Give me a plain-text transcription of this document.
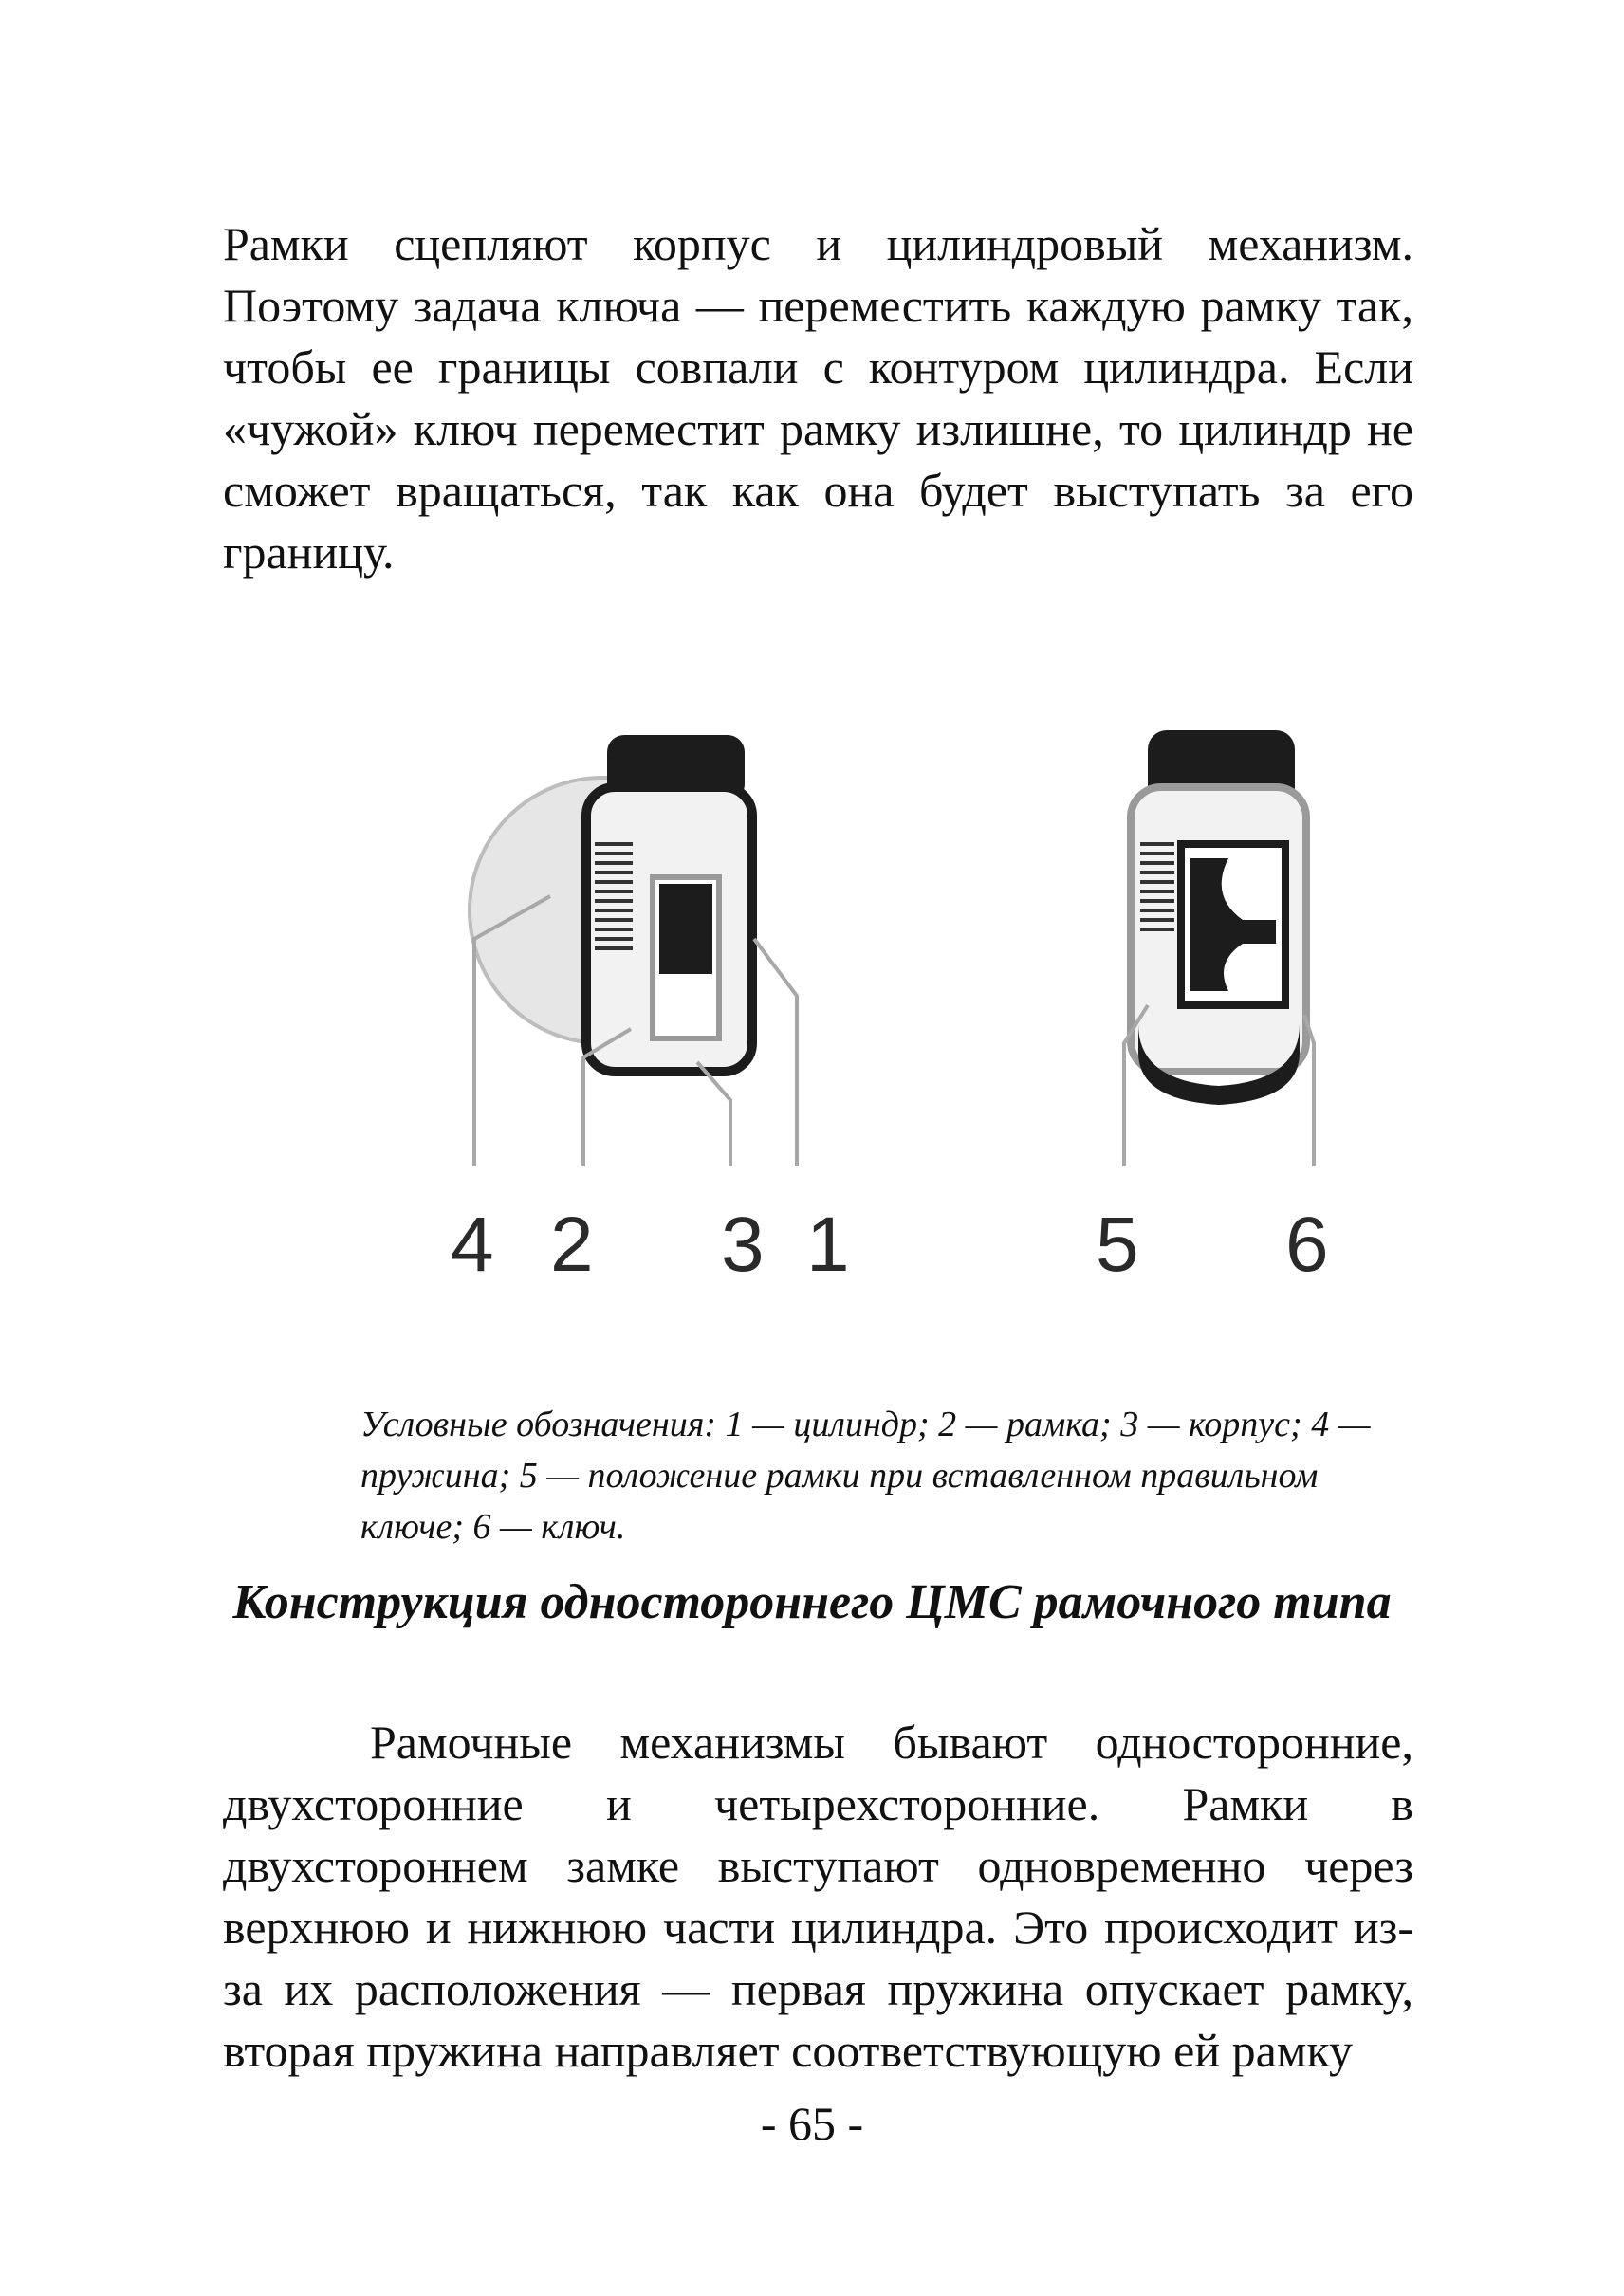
Рамки сцепляют корпус и цилиндровый механизм. Поэтому задача ключа — переместить каждую рамку так, чтобы ее границы совпали с контуром цилиндра. Если «чужой» ключ переместит рамку излишне, то цилиндр не сможет вращаться, так как она будет выступать за его границу.

4 2 3 1	5 6

Условные обозначения: 1 — цилиндр; 2 — рамка; 3 — корпус; 4 — пружина; 5 — положение рамки при вставленном правильном ключе; 6 — ключ.

Конструкция одностороннего ЦМС рамочного типа

Рамочные механизмы бывают односторонние, двухсторонние и четырехсторонние. Рамки в двухстороннем замке выступают одновременно через верхнюю и нижнюю части цилиндра. Это происходит из-за их расположения — первая пружина опускает рамку, вторая пружина направляет соответствующую ей рамку

- 65 -
